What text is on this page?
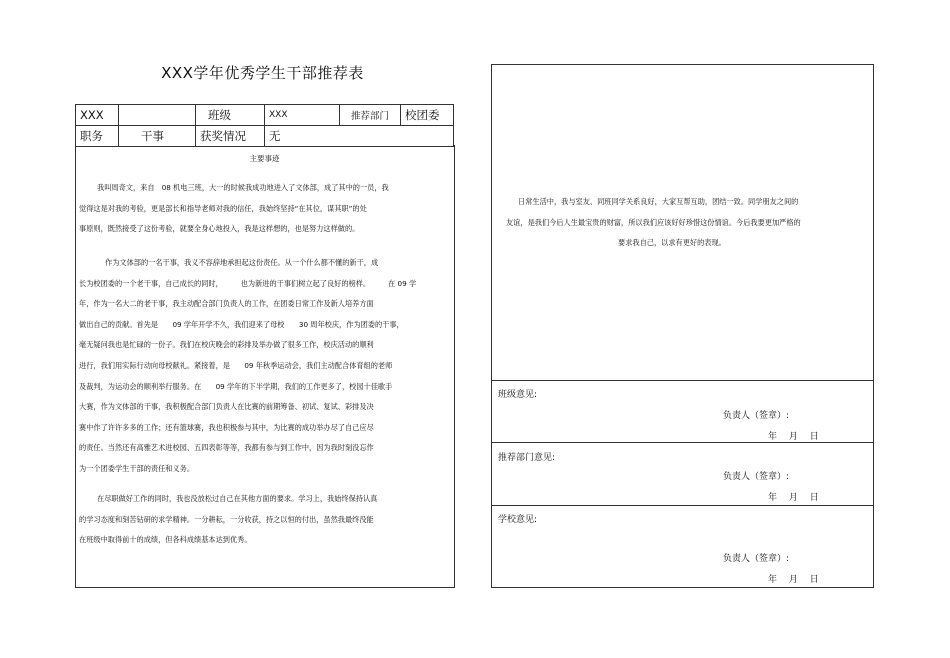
XXX学年优秀学生干部推荐表
XXX		班级	XXX	推荐部门	校团委
职务	干事	获奖情况	无		
主要事迹

我叫周奇文，来自　08 机电三班，大一的时候我成功地进入了文体部，成了其中的一员，我

觉得这是对我的考验，更是部长和指导老师对我的信任，我始终坚持“在其位，谋其职”的处

事原则，既然接受了这份考验，就要全身心地投入，我是这样想的，也是努力这样做的。

作为文体部的一名干事，我义不容辞地承担起这份责任。从一个什么都不懂的新干，成

长为校团委的一个老干事，自己成长的同时，　　　也为新进的干事们树立起了良好的榜样。　　　在 09 学

年，作为一名大二的老干事，我主动配合部门负责人的工作，在团委日常工作及新人培养方面

做出自己的贡献。首先是　　09 学年开学不久，我们迎来了母校　　30 周年校庆，作为团委的干事，

毫无疑问我也是忙碌的一份子。我们在校庆晚会的彩排及举办做了很多工作，校庆活动的顺利

进行，我们用实际行动向母校献礼。紧接着，是　　09 年秋季运动会，我们主动配合体育组的老师

及裁判，为运动会的顺利举行服务。在　　09 学年的下半学期，我们的工作更多了，校园十佳歌手

大赛，作为文体部的干事，我积极配合部门负责人在比赛的前期筹备、初试、复试、彩排及决

赛中作了许许多多的工作；还有篮球赛，我也积极参与其中，为比赛的成功举办尽了自己应尽

的责任。当然还有高雅艺术进校园、五四表彰等等，我都有参与到工作中，因为我时刻没忘作

为一个团委学生干部的责任和义务。

在尽职做好工作的同时，我也没放松过自己在其他方面的要求。学习上，我始终保持认真

的学习态度和刻苦钻研的求学精神。一分耕耘，一分收获，持之以恒的付出，虽然我最终没能

在班级中取得前十的成绩，但各科成绩基本达到优秀。

日常生活中，我与室友、同班同学关系良好，大家互帮互助，团结一致。同学朋友之间的

友谊，是我们今后人生最宝贵的财富，所以我们应该好好珍惜这份情谊。今后我要更加严格的

要求我自己，以求有更好的表现。

班级意见:
负责人（签章）:
年　 月　 日
推荐部门意见:
负责人（签章）:
年　 月　 日
学校意见:
负责人（签章）:
年　 月　 日
